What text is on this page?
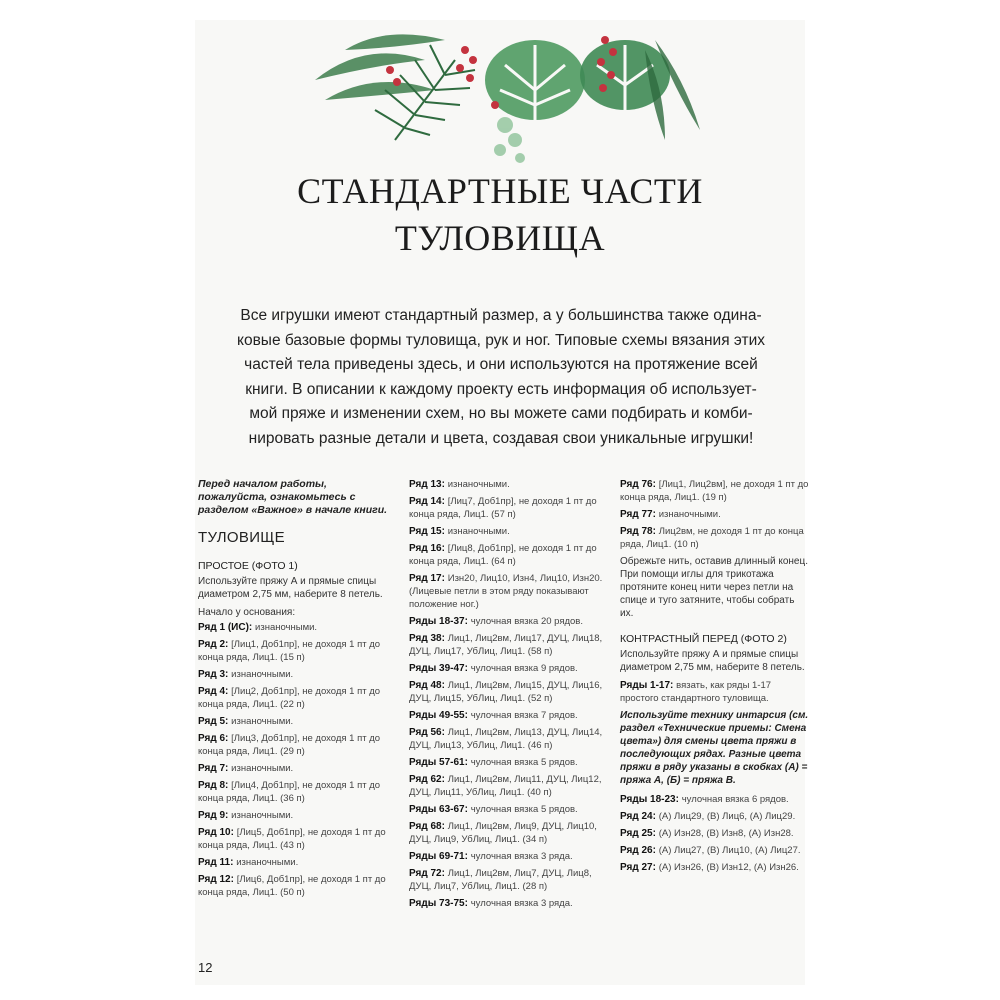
СТАНДАРТНЫЕ ЧАСТИ
ТУЛОВИЩА
Все игрушки имеют стандартный размер, а у большинства также одина-
ковые базовые формы туловища, рук и ног. Типовые схемы вязания этих
частей тела приведены здесь, и они используются на протяжение всей
книги. В описании к каждому проекту есть информация об использует-
мой пряже и изменении схем, но вы можете сами подбирать и комби-
нировать разные детали и цвета, создавая свои уникальные игрушки!
Перед началом работы, пожалуйста, ознакомьтесь с разделом «Важное» в начале книги.
ТУЛОВИЩЕ
ПРОСТОЕ (ФОТО 1)
Используйте пряжу А и прямые спицы диаметром 2,75 мм, наберите 8 петель.
Начало у основания:
Ряд 1 (ИС): изнаночными.
Ряд 2: [Лиц1, Доб1пр], не доходя 1 пт до конца ряда, Лиц1. (15 п)
Ряд 3: изнаночными.
Ряд 4: [Лиц2, Доб1пр], не доходя 1 пт до конца ряда, Лиц1. (22 п)
Ряд 5: изнаночными.
Ряд 6: [Лиц3, Доб1пр], не доходя 1 пт до конца ряда, Лиц1. (29 п)
Ряд 7: изнаночными.
Ряд 8: [Лиц4, Доб1пр], не доходя 1 пт до конца ряда, Лиц1. (36 п)
Ряд 9: изнаночными.
Ряд 10: [Лиц5, Доб1пр], не доходя 1 пт до конца ряда, Лиц1. (43 п)
Ряд 11: изнаночными.
Ряд 12: [Лиц6, Доб1пр], не доходя 1 пт до конца ряда, Лиц1. (50 п)
Ряд 13: изнаночными.
Ряд 14: [Лиц7, Доб1пр], не доходя 1 пт до конца ряда, Лиц1. (57 п)
Ряд 15: изнаночными.
Ряд 16: [Лиц8, Доб1пр], не доходя 1 пт до конца ряда, Лиц1. (64 п)
Ряд 17: Изн20, Лиц10, Изн4, Лиц10, Изн20. (Лицевые петли в этом ряду показывают положение ног.)
Ряды 18-37: чулочная вязка 20 рядов.
Ряд 38: Лиц1, Лиц2вм, Лиц17, ДУЦ, Лиц18, ДУЦ, Лиц17, УбЛиц, Лиц1. (58 п)
Ряды 39-47: чулочная вязка 9 рядов.
Ряд 48: Лиц1, Лиц2вм, Лиц15, ДУЦ, Лиц16, ДУЦ, Лиц15, УбЛиц, Лиц1. (52 п)
Ряды 49-55: чулочная вязка 7 рядов.
Ряд 56: Лиц1, Лиц2вм, Лиц13, ДУЦ, Лиц14, ДУЦ, Лиц13, УбЛиц, Лиц1. (46 п)
Ряды 57-61: чулочная вязка 5 рядов.
Ряд 62: Лиц1, Лиц2вм, Лиц11, ДУЦ, Лиц12, ДУЦ, Лиц11, УбЛиц, Лиц1. (40 п)
Ряды 63-67: чулочная вязка 5 рядов.
Ряд 68: Лиц1, Лиц2вм, Лиц9, ДУЦ, Лиц10, ДУЦ, Лиц9, УбЛиц, Лиц1. (34 п)
Ряды 69-71: чулочная вязка 3 ряда.
Ряд 72: Лиц1, Лиц2вм, Лиц7, ДУЦ, Лиц8, ДУЦ, Лиц7, УбЛиц, Лиц1. (28 п)
Ряды 73-75: чулочная вязка 3 ряда.
Ряд 76: [Лиц1, Лиц2вм], не доходя 1 пт до конца ряда, Лиц1. (19 п)
Ряд 77: изнаночными.
Ряд 78: Лиц2вм, не доходя 1 пт до конца ряда, Лиц1. (10 п)
Обрежьте нить, оставив длинный конец. При помощи иглы для трикотажа протяните конец нити через петли на спице и туго затяните, чтобы собрать их.
КОНТРАСТНЫЙ ПЕРЕД (ФОТО 2)
Используйте пряжу А и прямые спицы диаметром 2,75 мм, наберите 8 петель.
Ряды 1-17: вязать, как ряды 1-17 простого стандартного туловища.
Используйте технику интарсия (см. раздел «Технические приемы: Смена цвета») для смены цвета пряжи в последующих рядах. Разные цвета пряжи в ряду указаны в скобках (А) = пряжа А, (Б) = пряжа В.
Ряды 18-23: чулочная вязка 6 рядов.
Ряд 24: (А) Лиц29, (В) Лиц6, (А) Лиц29.
Ряд 25: (А) Изн28, (В) Изн8, (А) Изн28.
Ряд 26: (А) Лиц27, (В) Лиц10, (А) Лиц27.
Ряд 27: (А) Изн26, (В) Изн12, (А) Изн26.
12
